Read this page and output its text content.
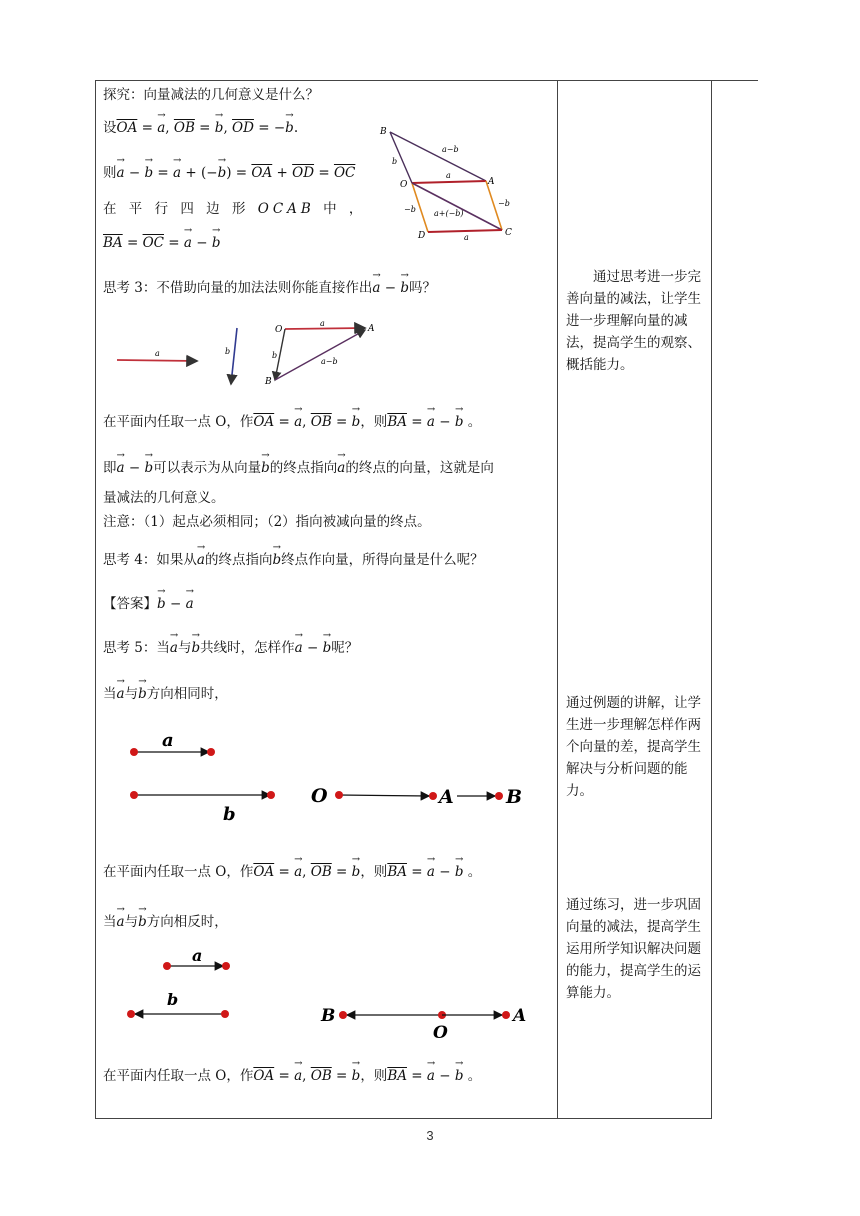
探究：向量减法的几何意义是什么？
设$\overline{OA}$ = → a, $\overline{OB}$ = → b, $\overline{OD}$ = −→ b.
则→ a − → b = → a + (−→ $b) = \overline{OA} + \overline{OD} = \overline{OC}$
在 平 行 四 边 形 OCAB 中 ，
$\overline{BA} = \overline{OC}$ = → a − → b
B
a−b
b
O
a
A
−b a+(−b)
−b
D	a	C
思考 3：不借助向量的加法法则你能直接作出→ a − → b吗？
a	b
O
a
A
b
a−b
B
在平面内任取一点 O，作$\overline{OA}$ = → a, $\overline{OB}$ = → b，则$\overline{BA}$ = → a − → b 。
即→ a − → b可以表示为从向量→ b的终点指向→ a的终点的向量，这就是向
量减法的几何意义。
注意：（1）起点必须相同；（2）指向被减向量的终点。
思考 4：如果从→ a的终点指向→ b终点作向量，所得向量是什么呢？
【答案】→ b − → a
思考 5：当→ a与→ b共线时，怎样作→ a − → b呢？
当→ a与→ b方向相同时，
a
b
O	A	B
在平面内任取一点 O，作$\overline{OA}$ = → a, $\overline{OB}$ = → b，则$\overline{BA}$ = → a − → b 。
当→ a与→ b方向相反时，
a
b
B
O
A
在平面内任取一点 O，作$\overline{OA}$ = → a, $\overline{OB}$ = → b，则$\overline{BA}$ = → a − → b 。
通过思考进一步完善向量的减法，让学生进一步理解向量的减法，提高学生的观察、概括能力。
通过例题的讲解，让学生进一步理解怎样作两个向量的差，提高学生解决与分析问题的能力。
通过练习，进一步巩固向量的减法，提高学生运用所学知识解决问题的能力，提高学生的运算能力。
3
